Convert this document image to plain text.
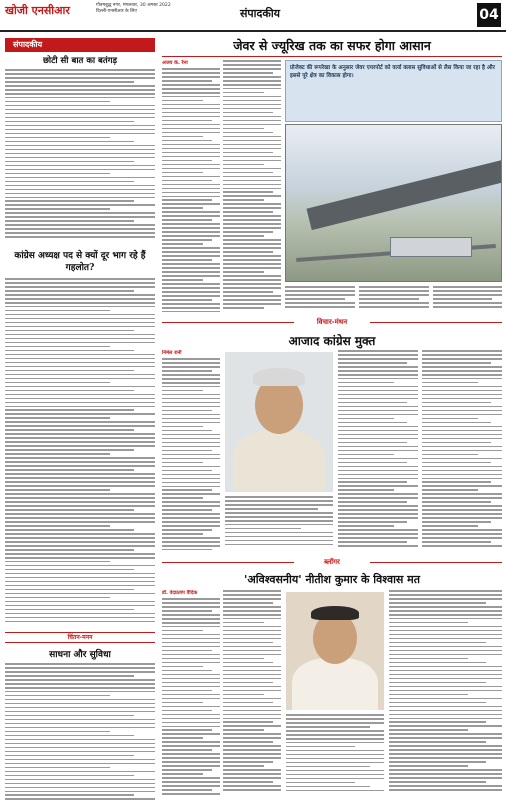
खोजी एनसीआर	गौतमबुद्ध नगर, मंगलवार, 30 अगस्त 2022
दिल्ली-एनसीआर के लिए	संपादकीय	04
संपादकीय
छोटी सी बात का बतंगड़
कांग्रेस अध्यक्ष पद से क्यों दूर भाग रहे हैं गहलोत?
चिंतन-मनन
साधना और सुविधा
जेवर से ज्यूरिख तक का सफर होगा आसान
अजय के. रैना
प्रोजेक्ट की रूपरेखा के अनुसार जेवर एयरपोर्ट को वर्ल्ड क्लास सुविधाओं से लैस किया जा रहा है और इससे पूरे क्षेत्र का विकास होगा।
विचार-मंथन
आजाद कांग्रेस मुक्त
निर्मल रानी
ब्लॉगर
'अविश्वसनीय' नीतीश कुमार के विश्वास मत
डॉ. वेदप्रताप वैदिक
